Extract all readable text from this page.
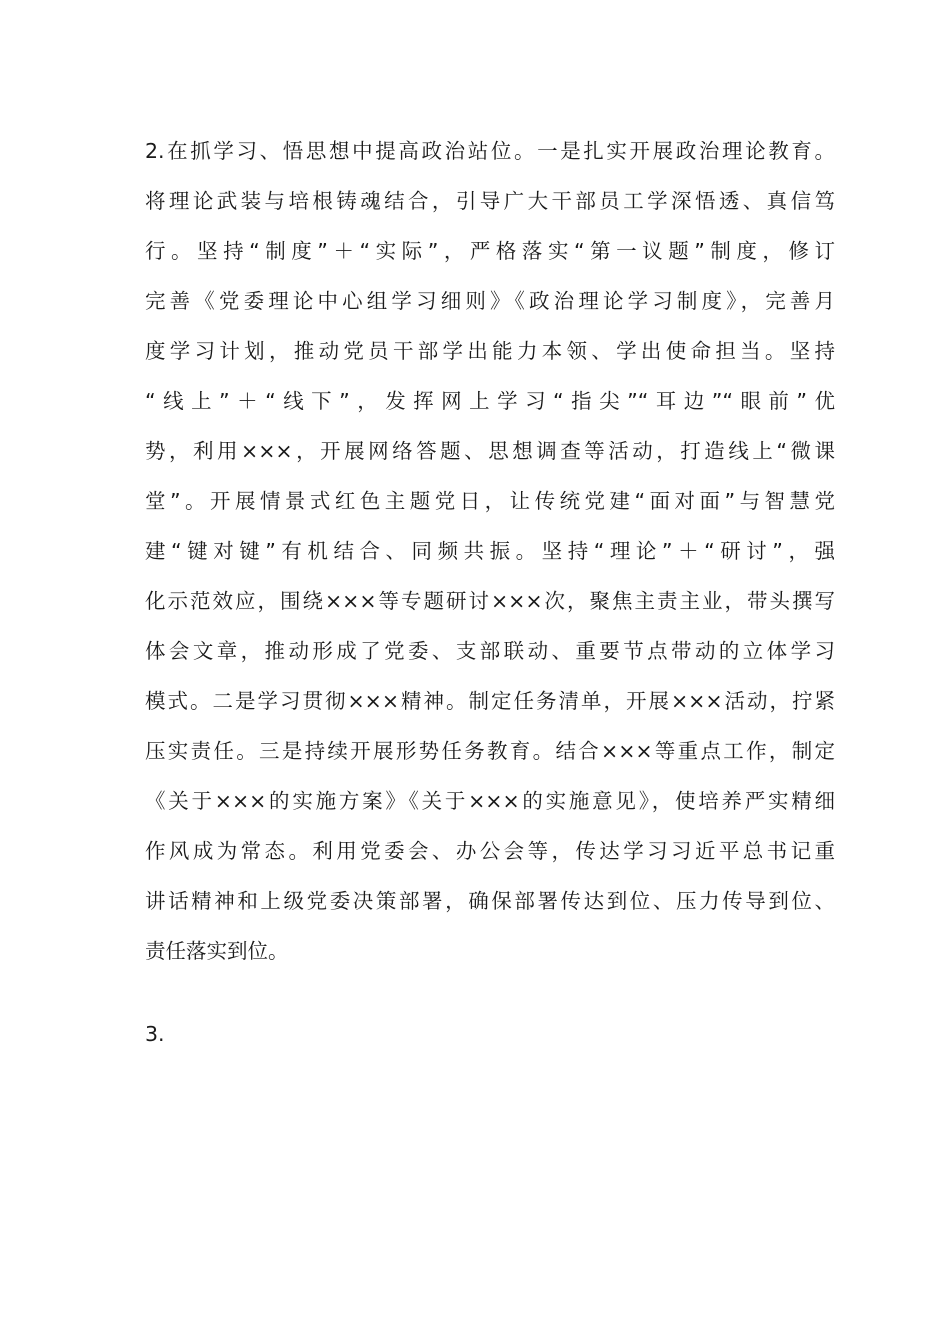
2.在抓学习、悟思想中提高政治站位。一是扎实开展政治理论教育。
将理论武装与培根铸魂结合，引导广大干部员工学深悟透、真信笃
行。坚持“制度”＋“实际”，严格落实“第一议题”制度，修订
完善《党委理论中心组学习细则》《政治理论学习制度》，完善月
度学习计划，推动党员干部学出能力本领、学出使命担当。坚持
“线上”＋“线下”，发挥网上学习“指尖”“耳边”“眼前”优
势，利用×××，开展网络答题、思想调查等活动，打造线上“微课
堂”。开展情景式红色主题党日，让传统党建“面对面”与智慧党
建“键对键”有机结合、同频共振。坚持“理论”＋“研讨”，强
化示范效应，围绕×××等专题研讨×××次，聚焦主责主业，带头撰写
体会文章，推动形成了党委、支部联动、重要节点带动的立体学习
模式。二是学习贯彻×××精神。制定任务清单，开展×××活动，拧紧
压实责任。三是持续开展形势任务教育。结合×××等重点工作，制定
《关于×××的实施方案》《关于×××的实施意见》，使培养严实精细
作风成为常态。利用党委会、办公会等，传达学习习近平总书记重
讲话精神和上级党委决策部署，确保部署传达到位、压力传导到位、
责任落实到位。
3.
